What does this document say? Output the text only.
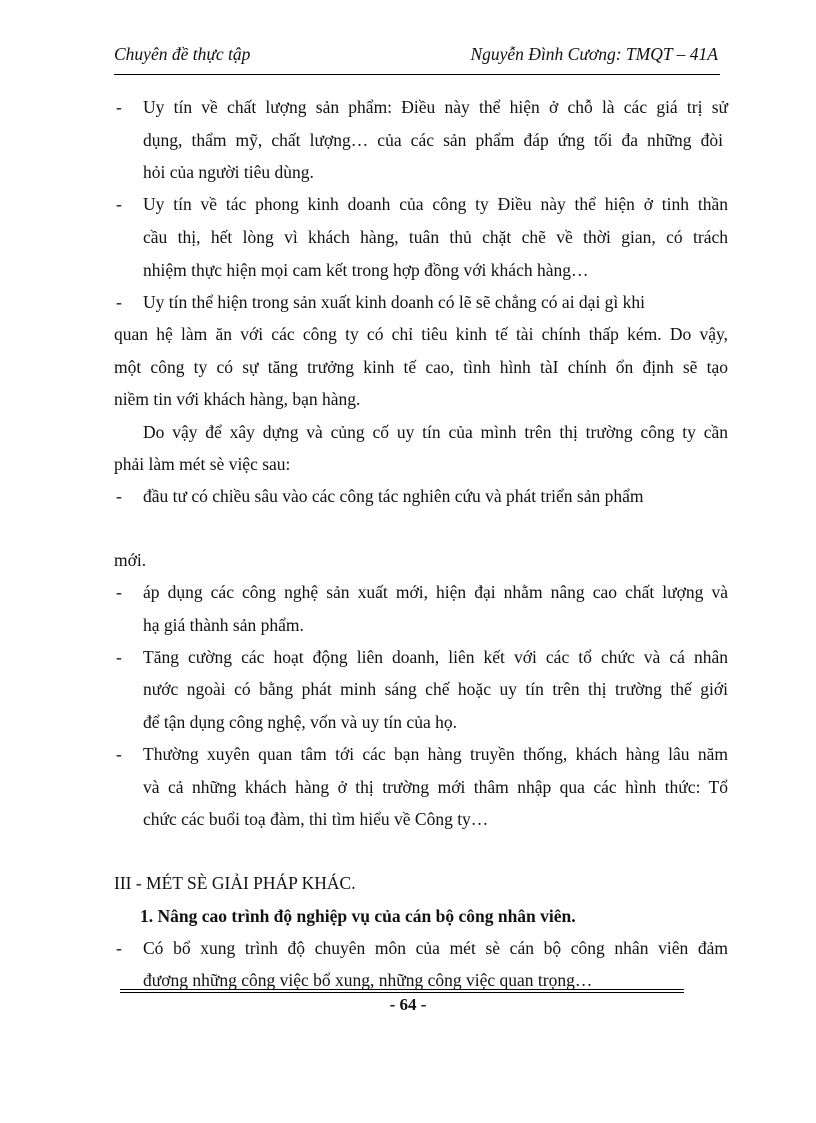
Chuyên đề thực tập	Nguyễn Đình Cương: TMQT – 41A
- Uy tín về chất lượng sản phẩm: Điều này thể hiện ở chỗ là các giá trị sử
dụng, thẩm mỹ, chất lượng… của các sản phẩm đáp ứng tối đa những đòi
hỏi của người tiêu dùng.
- Uy tín về tác phong kinh doanh của công ty Điều này thể hiện ở tinh thần
cầu thị, hết lòng vì khách hàng, tuân thủ chặt chẽ về thời gian, có trách
nhiệm thực hiện mọi cam kết trong hợp đồng với khách hàng…
- Uy tín thể hiện trong sản xuất kinh doanh có lẽ sẽ chẳng có ai dại gì khi
quan hệ làm ăn với các công ty có chỉ tiêu kinh tế tài chính thấp kém. Do vậy,
một công ty có sự tăng trưởng kinh tế cao, tình hình tàI chính ổn định sẽ tạo
niềm tin với khách hàng, bạn hàng.
Do vậy để xây dựng và củng cố uy tín của mình trên thị trường công ty cần
phải làm mét sè việc sau:
- đầu tư có chiều sâu vào các công tác nghiên cứu và phát triển sản phẩm
mới.
- áp dụng các công nghệ sản xuất mới, hiện đại nhằm nâng cao chất lượng và
hạ giá thành sản phẩm.
- Tăng cường các hoạt động liên doanh, liên kết với các tổ chức và cá nhân
nước ngoài có bằng phát minh sáng chế hoặc uy tín trên thị trường thế giới
để tận dụng công nghệ, vốn và uy tín của họ.
- Thường xuyên quan tâm tới các bạn hàng truyền thống, khách hàng lâu năm
và cả những khách hàng ở thị trường mới thâm nhập qua các hình thức: Tổ
chức các buổi toạ đàm, thi tìm hiểu về Công ty…
III - MÉT SÈ GIẢI PHÁP KHÁC.
1. Nâng cao trình độ nghiệp vụ của cán bộ công nhân viên.
- Có bổ xung trình độ chuyên môn của mét sè cán bộ công nhân viên đảm
đương những công việc bổ xung, những công việc quan trọng…
- 64 -
